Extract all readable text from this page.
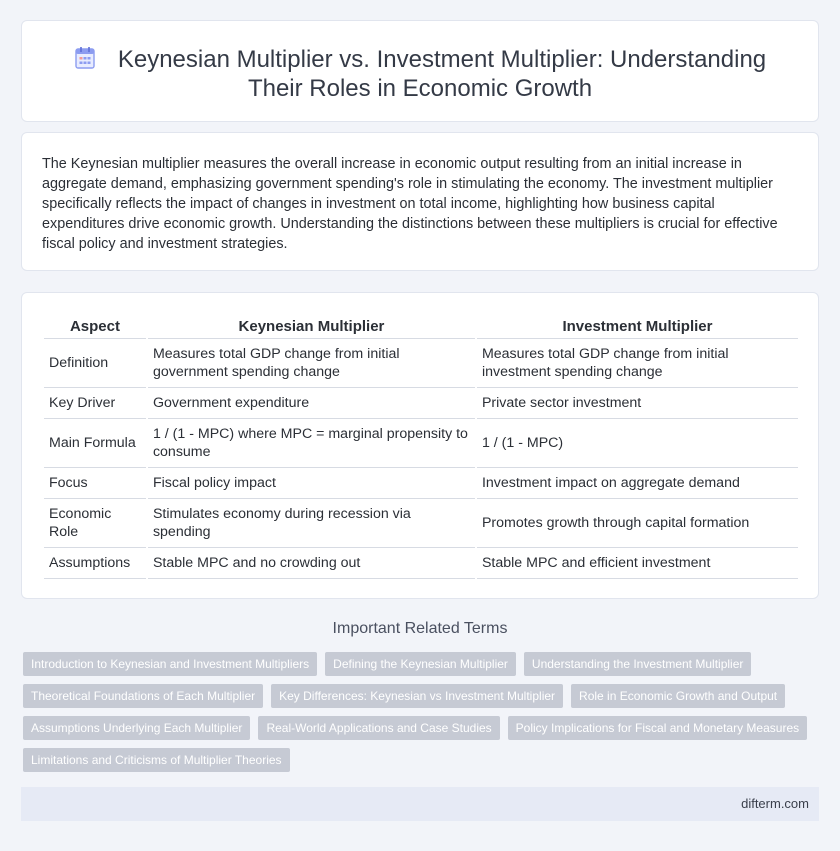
Keynesian Multiplier vs. Investment Multiplier: Understanding Their Roles in Economic Growth

The Keynesian multiplier measures the overall increase in economic output resulting from an initial increase in aggregate demand, emphasizing government spending's role in stimulating the economy. The investment multiplier specifically reflects the impact of changes in investment on total income, highlighting how business capital expenditures drive economic growth. Understanding the distinctions between these multipliers is crucial for effective fiscal policy and investment strategies.

Aspect	Keynesian Multiplier	Investment Multiplier
Definition	Measures total GDP change from initial government spending change	Measures total GDP change from initial investment spending change
Key Driver	Government expenditure	Private sector investment
Main Formula	1 / (1 - MPC) where MPC = marginal propensity to consume	1 / (1 - MPC)
Focus	Fiscal policy impact	Investment impact on aggregate demand
Economic Role	Stimulates economy during recession via spending	Promotes growth through capital formation
Assumptions	Stable MPC and no crowding out	Stable MPC and efficient investment
Important Related Terms
Introduction to Keynesian and Investment Multipliers	Defining the Keynesian Multiplier	Understanding the Investment Multiplier
Theoretical Foundations of Each Multiplier	Key Differences: Keynesian vs Investment Multiplier	Role in Economic Growth and Output
Assumptions Underlying Each Multiplier	Real-World Applications and Case Studies	Policy Implications for Fiscal and Monetary Measures
Limitations and Criticisms of Multiplier Theories
difterm.com
